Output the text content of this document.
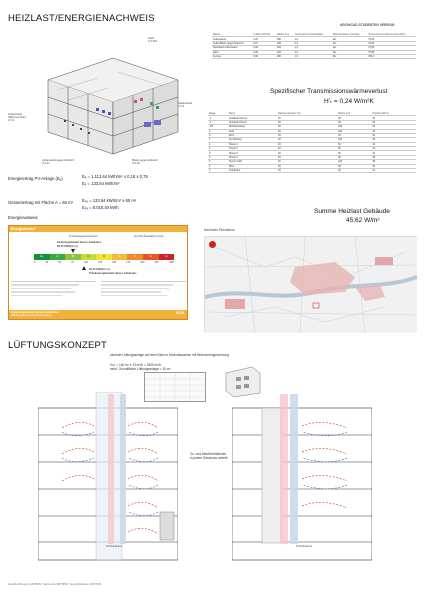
HEIZLAST/ENERGIENACHWEIS
ARCHICAD STUDENTEN VERSION
Dach
U 0,091
Außenwand
U 0,2
Außenwand
(Wärmeschutz)
U 0,2
Außenwand gegen Erdreich
U 0,21
Boden gegen Erdreich
U 0,25
Energieertrag PV-Anlage (Eₑ)	Eₑ = 1.113,64 kWh/m² x 0,16 x 0,75
Eₑ = 133,64 kWh/m²
Gesamtertrag mit Fläche A = 60 m² Eₚᵥ = 133,64 kWh/m² x 60 m²
Eₚᵥ = 8.018,40 kWh
Energieausweis
Energiebedarf
Treibhausgasemissionen	kg CO2-Äquivalent /(m²a)
Endenergiebedarf dieses Gebäudes
68,45 kWh/(m²·a)
A+	A	B	C	D	E	F	G	H
0	25	50	75	100	125	150	175	200	225	>250
93,76 kWh/(m²·a)
Primärenergiebedarf dieses Gebäudes
Endenergiebedarf dieses Gebäudes
(Pflichtangabe in Immobilienanzeigen)
68,45
Bauteil	U-Wert (W/m²K)	Fläche (m²)	Temperatur-Korrekturfaktor	Wärmebrücken-zuschlag	Transmissions-wärmeverlust (W/K)
Außenwand	0,20	380	1,0	ΔU	76,00
Außenfläche gegen Erdreich	0,21	190	0,6	ΔU	23,94
Flachdach Außenwand	0,09	420	1,0	ΔU	37,80
Dach	0,09	420	1,0	ΔU	37,80
Fenster	0,90	280	1,0	ΔU	252,0
Spezifischer Transmissionswärmeverlust
H’ₜ = 0,24 W/m²K
Etage	Raum	Raumtemperatur (°C)	Fläche (m²)	Heizlast (W/m²)
-1	Umkleide Damen	20	38	25
-1	Umkleide Herren	20	38	25
-1/0	Wettkampfsteg	20	240	26
0	Café	20	180	40
0	WCs	20	30	52
1	Co-Working	20	160	28
2	Hostel 1	20	50	31
2	Hostel 2	20	50	31
3	Hostel 3	20	50	31
3	Hostel 4	20	40	38
4	Sportv./Café	20	220	38
4	WCs	20	30	50
4	Umkleiden	20	40	41
Summe Heizlast Gebäude
45,62 W/m²
Nachweis Fernwärme
LÜFTUNGSKONZEPT
zentrale Lüftungsanlage auf dem Dach in Modulbauweise mit Wärmerückgewinnung
Vol. = 140 m³ x 13 m³/h = 1820 m³/h
mind. Grundfläche Lüftungsanlage = 15 m²
Technikräume
Zu- und Abluftventilatoren
in jedem Geschoss verteilt
Technikräume
Hendrik Rittmeyer (4876566) | Sabine Ho (4879853) | Georgi Zlatanov (4876529)
